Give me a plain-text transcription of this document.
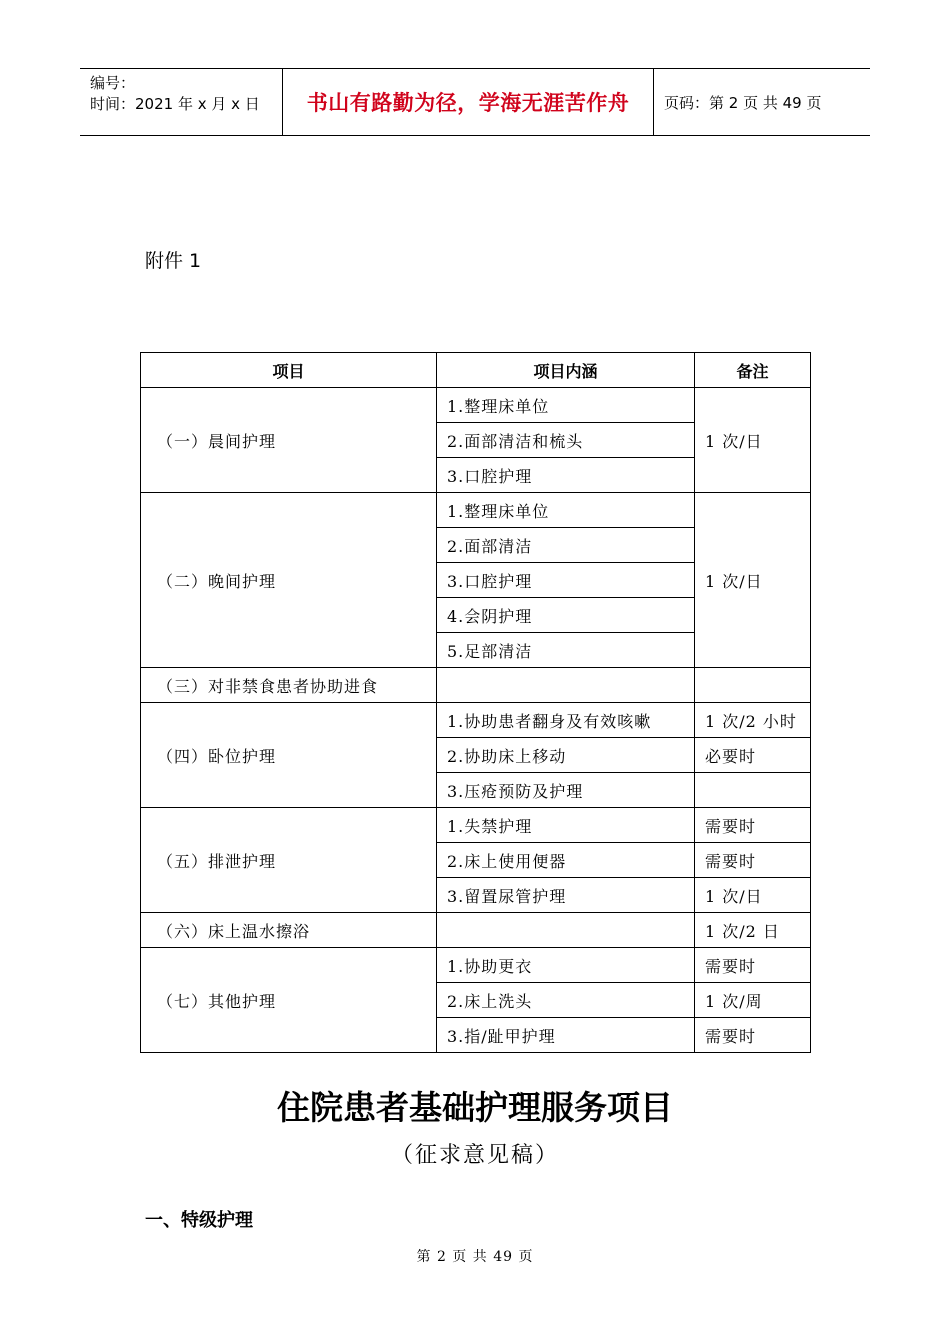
编号：
时间：2021 年 x 月 x 日	书山有路勤为径，学海无涯苦作舟	页码：第 2 页 共 49 页
附件 1
项目	项目内涵	备注
（一）晨间护理	1.整理床单位	1 次/日
	2.面部清洁和梳头	
	3.口腔护理	
（二）晚间护理	1.整理床单位	1 次/日
	2.面部清洁	
	3.口腔护理	
	4.会阴护理	
	5.足部清洁	
（三）对非禁食患者协助进食		
（四）卧位护理	1.协助患者翻身及有效咳嗽	1 次/2 小时
	2.协助床上移动	必要时
	3.压疮预防及护理	
（五）排泄护理	1.失禁护理	需要时
	2.床上使用便器	需要时
	3.留置尿管护理	1 次/日
（六）床上温水擦浴		1 次/2 日
（七）其他护理	1.协助更衣	需要时
	2.床上洗头	1 次/周
	3.指/趾甲护理	需要时
住院患者基础护理服务项目
（征求意见稿）
一、特级护理
第 2 页 共 49 页
